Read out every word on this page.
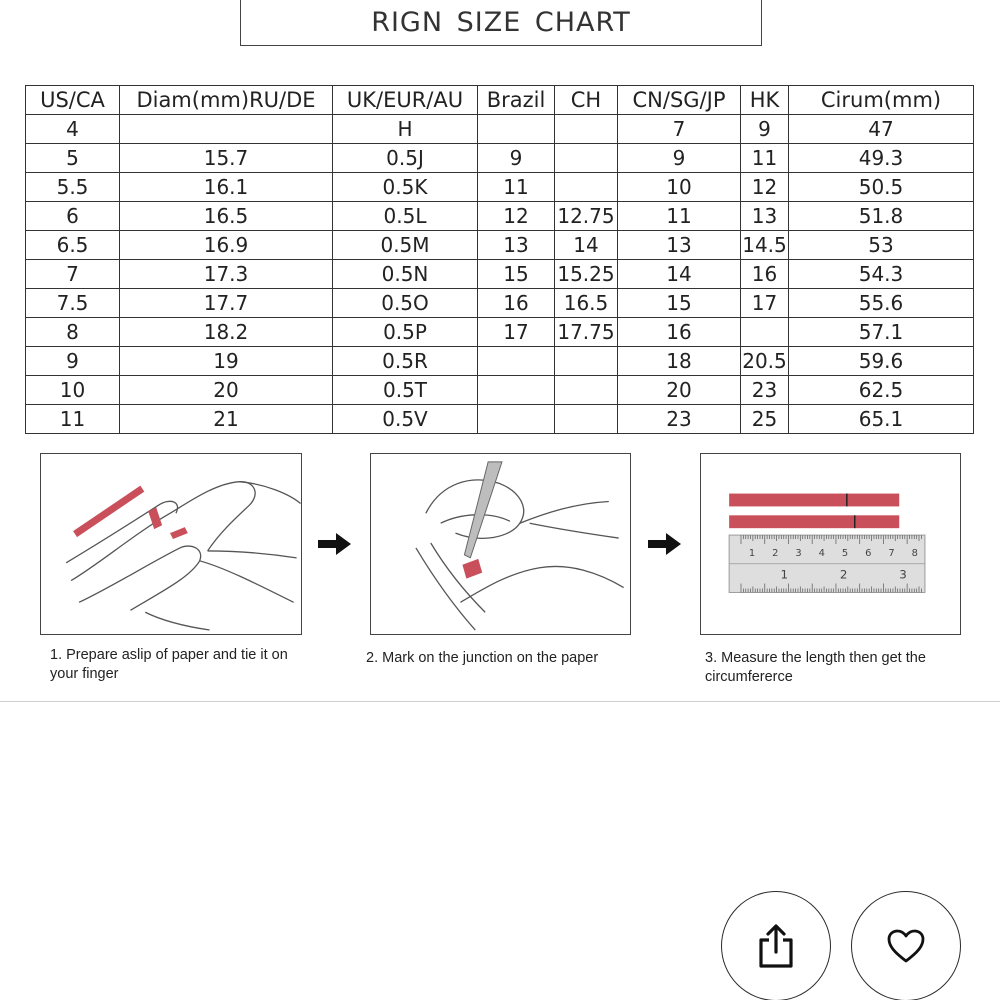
RIGN SIZE CHART
US/CA	Diam(mm)RU/DE	UK/EUR/AU	Brazil	CH	CN/SG/JP	HK	Cirum(mm)
4		H			7	9	47
5	15.7	0.5J	9		9	11	49.3
5.5	16.1	0.5K	11		10	12	50.5
6	16.5	0.5L	12	12.75	11	13	51.8
6.5	16.9	0.5M	13	14	13	14.5	53
7	17.3	0.5N	15	15.25	14	16	54.3
7.5	17.7	0.5O	16	16.5	15	17	55.6
8	18.2	0.5P	17	17.75	16		57.1
9	19	0.5R			18	20.5	59.6
10	20	0.5T			20	23	62.5
11	21	0.5V			23	25	65.1
1 2 3 4 5 6 7 8
1	2	3
1. Prepare aslip of paper and tie it on your finger
2. Mark on the junction on the paper	3. Measure the length then get the circumfererce
